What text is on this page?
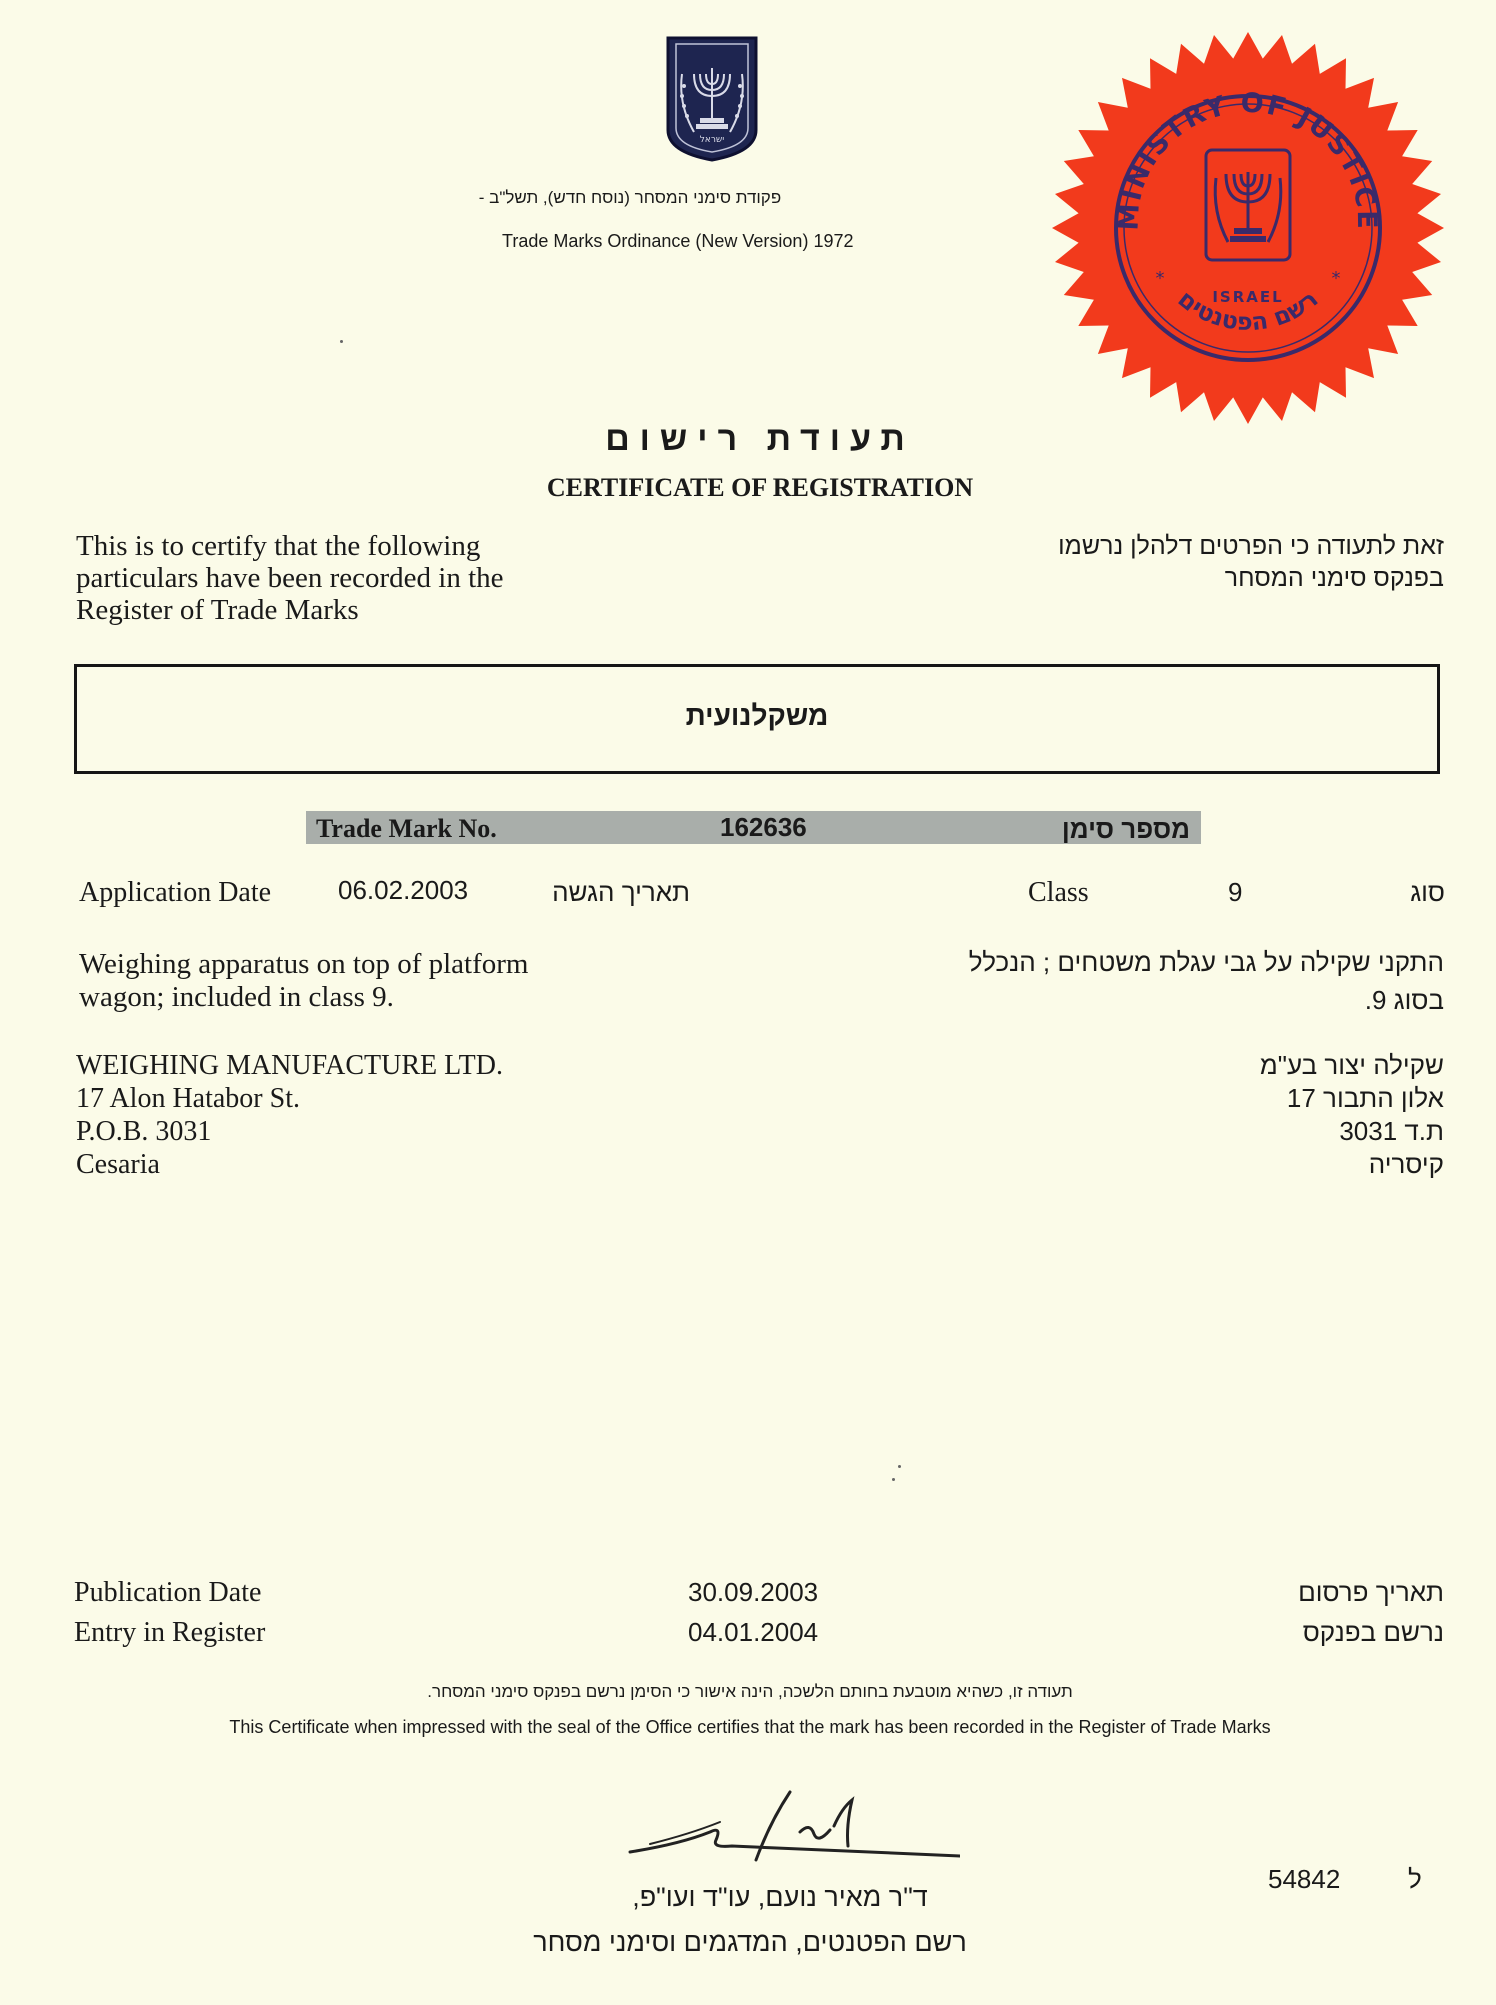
ישראל
MINISTRY OF JUSTICE
רשם הפטנטים
ISRAEL
*	*
פקודת סימני המסחר (נוסח חדש), תשל"ב -
Trade Marks Ordinance (New Version) 1972
תעודת רישום
CERTIFICATE OF REGISTRATION
This is to certify that the following
particulars have been recorded in the
Register of Trade Marks
זאת לתעודה כי הפרטים דלהלן נרשמו
בפנקס סימני המסחר
משקלנועית
Trade Mark No.	162636	מספר סימן
Application Date	06.02.2003	תאריך הגשה	Class	9	סוג
Weighing apparatus on top of platform
wagon; included in class 9.
התקני שקילה על גבי עגלת משטחים ; הנכלל
בסוג 9.
WEIGHING MANUFACTURE LTD.
17 Alon Hatabor St.
P.O.B. 3031
Cesaria
שקילה יצור בע"מ
אלון התבור 17
ת.ד 3031
קיסריה
Publication Date	30.09.2003	תאריך פרסום
Entry in Register	04.01.2004	נרשם בפנקס
תעודה זו, כשהיא מוטבעת בחותם הלשכה, הינה אישור כי הסימן נרשם בפנקס סימני המסחר.
This Certificate when impressed with the seal of the Office certifies that the mark has been recorded in the Register of Trade Marks
ד"ר מאיר נועם, עו"ד ועו"פ,
רשם הפטנטים, המדגמים וסימני מסחר
54842	ל
